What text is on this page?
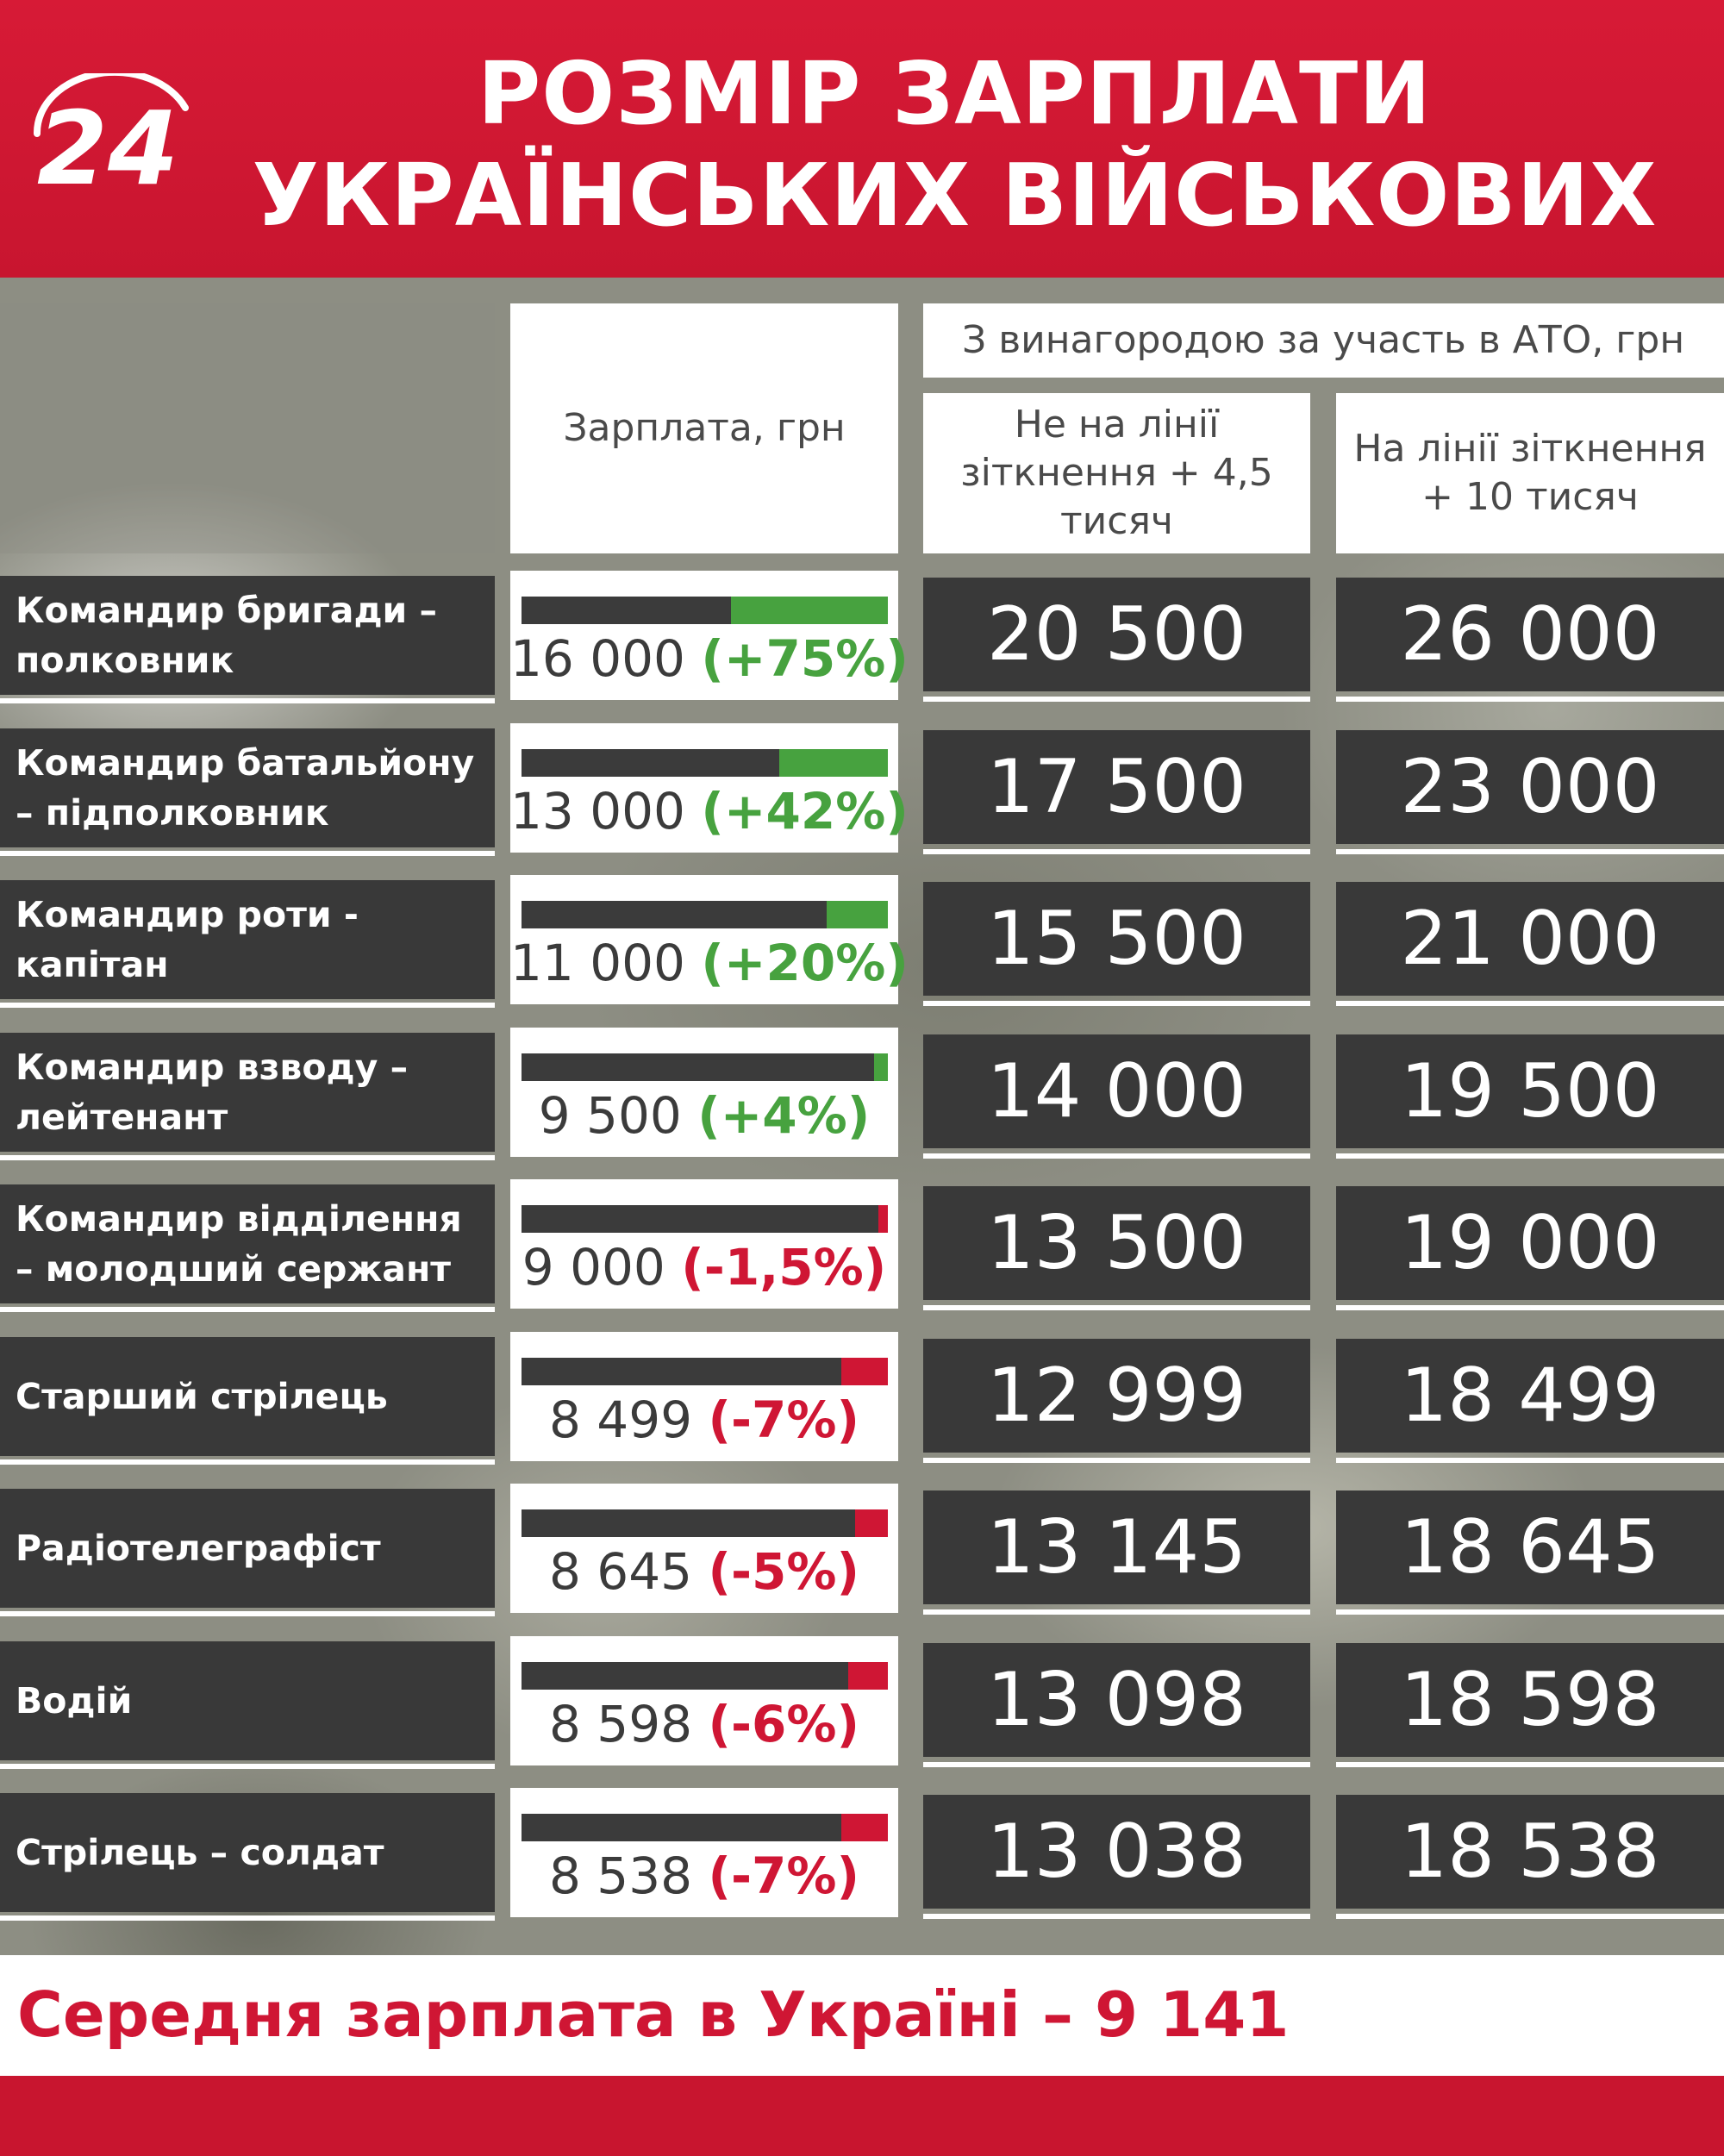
24	РОЗМІР ЗАРПЛАТИ УКРАЇНСЬКИХ ВІЙСЬКОВИХ
Зарплата, грн
З винагородою за участь в АТО, грн
Не на лінії зіткнення + 4,5 тисяч
На лінії зіткнення + 10 тисяч
Командир бригади – полковник	16 000 (+75%)	20 500	26 000
Командир батальйону – підполковник	13 000 (+42%)	17 500	23 000
Командир роти - капітан	11 000 (+20%)	15 500	21 000
Командир взводу – лейтенант	9 500 (+4%)	14 000	19 500
Командир відділення – молодший сержант	9 000 (-1,5%)	13 500	19 000
Старший стрілець	8 499 (-7%)	12 999	18 499
Радіотелеграфіст	8 645 (-5%)	13 145	18 645
Водій	8 598 (-6%)	13 098	18 598
Стрілець – солдат	8 538 (-7%)	13 038	18 538
Середня зарплата в Україні – 9 141
